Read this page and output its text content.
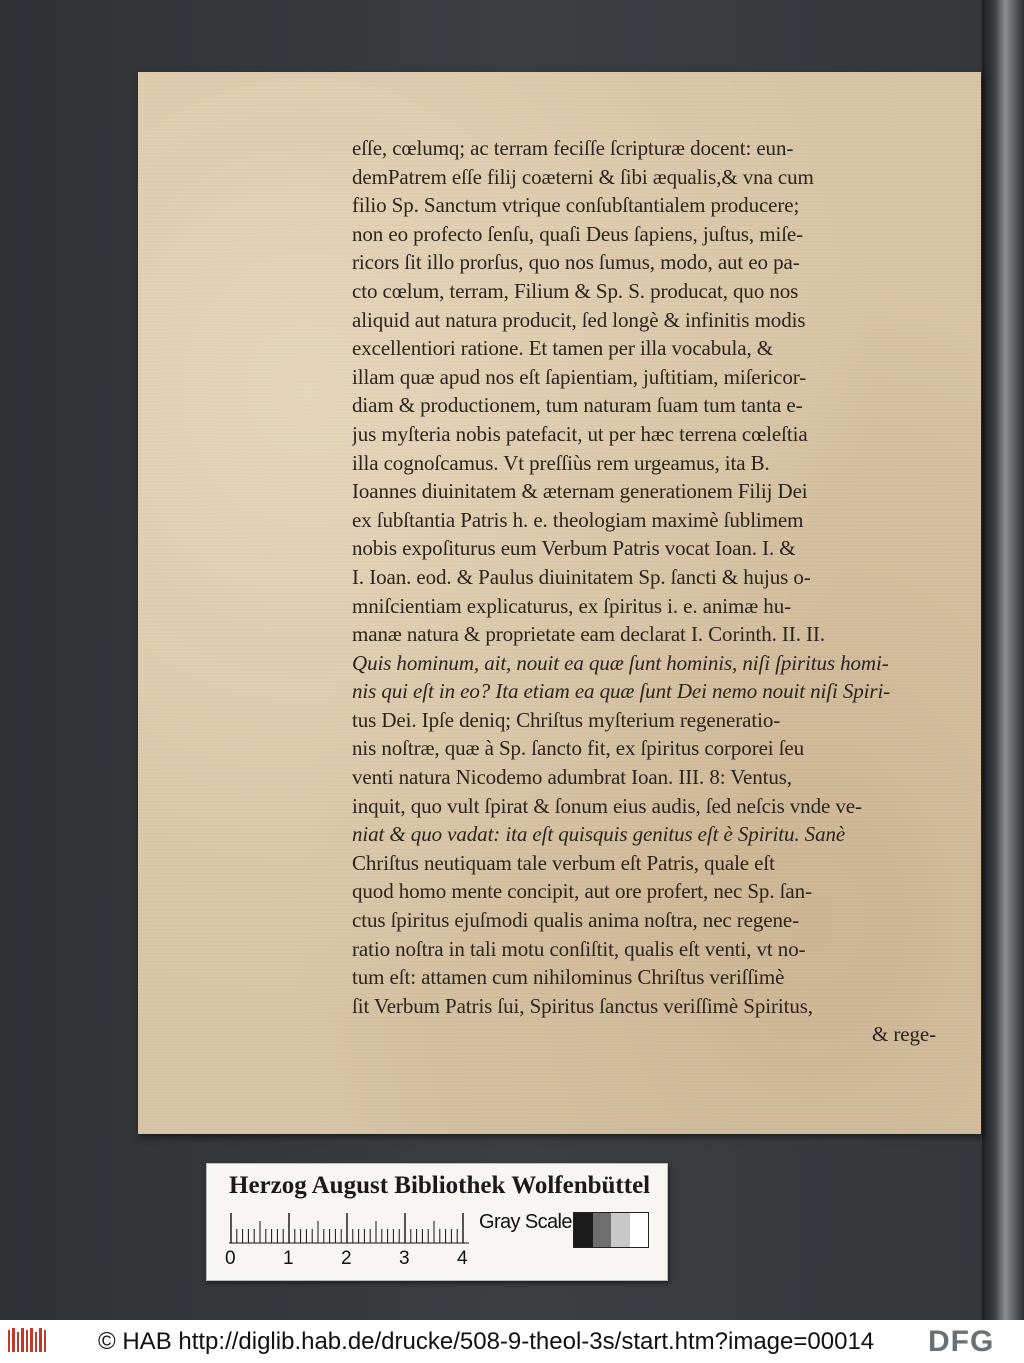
eſſe, cœlumq; ac terram feciſſe ſcripturæ docent: eun-
demPatrem eſſe filij coæterni & ſibi æqualis,& vna cum
filio Sp. Sanctum vtrique conſubſtantialem producere;
non eo profecto ſenſu, quaſi Deus ſapiens, juſtus, miſe-
ricors ſit illo prorſus, quo nos ſumus, modo, aut eo pa-
cto cœlum, terram, Filium & Sp. S. producat, quo nos
aliquid aut natura producit, ſed longè & infinitis modis
excellentiori ratione. Et tamen per illa vocabula, &
illam quæ apud nos eſt ſapientiam, juſtitiam, miſericor-
diam & productionem, tum naturam ſuam tum tanta e-
jus myſteria nobis patefacit, ut per hæc terrena cœleſtia
illa cognoſcamus. Vt preſſiùs rem urgeamus, ita B.
Ioannes diuinitatem & æternam generationem Filij Dei
ex ſubſtantia Patris h. e. theologiam maximè ſublimem
nobis expoſiturus eum Verbum Patris vocat Ioan. I. &
I. Ioan. eod. & Paulus diuinitatem Sp. ſancti & hujus o-
mniſcientiam explicaturus, ex ſpiritus i. e. animæ hu-
manæ natura & proprietate eam declarat I. Corinth. II. II.
Quis hominum, ait, nouit ea quæ ſunt hominis, niſi ſpiritus homi-
nis qui eſt in eo? Ita etiam ea quæ ſunt Dei nemo nouit niſi Spiri-
tus Dei. Ipſe deniq; Chriſtus myſterium regeneratio-
nis noſtræ, quæ à Sp. ſancto fit, ex ſpiritus corporei ſeu
venti natura Nicodemo adumbrat Ioan. III. 8: Ventus,
inquit, quo vult ſpirat & ſonum eius audis, ſed neſcis vnde ve-
niat & quo vadat: ita eſt quisquis genitus eſt è Spiritu. Sanè
Chriſtus neutiquam tale verbum eſt Patris, quale eſt
quod homo mente concipit, aut ore profert, nec Sp. ſan-
ctus ſpiritus ejuſmodi qualis anima noſtra, nec regene-
ratio noſtra in tali motu conſiſtit, qualis eſt venti, vt no-
tum eſt: attamen cum nihilominus Chriſtus veriſſimè
ſit Verbum Patris ſui, Spiritus ſanctus veriſſimè Spiritus,
& rege-
Herzog August Bibliothek Wolfenbüttel
Gray Scale
0 1 2 3 4
© HAB http://diglib.hab.de/drucke/508-9-theol-3s/start.htm?image=00014 DFG
